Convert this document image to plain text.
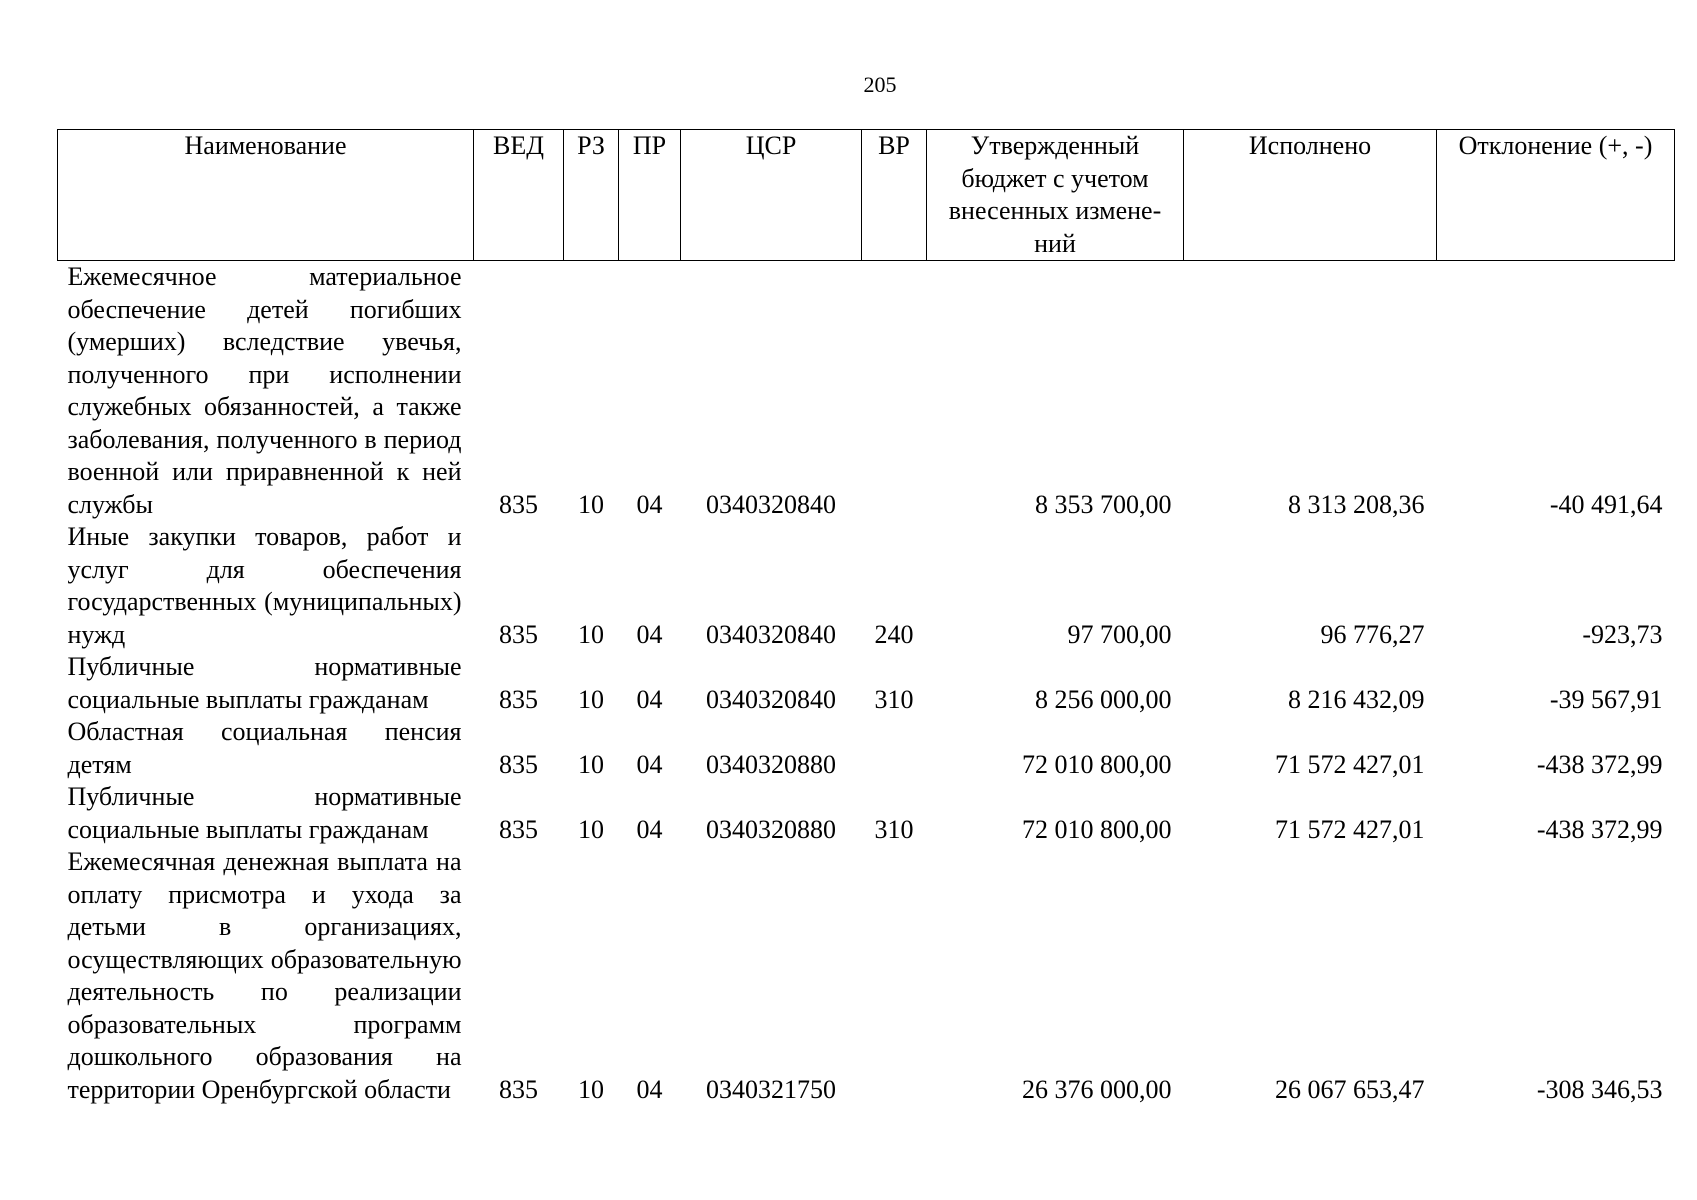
205
Наименование	ВЕД	РЗ	ПР	ЦСР	ВР	Утвержденный бюджет с учетом внесенных измене-ний	Исполнено	Отклонение (+, -)
Ежемесячное материальное обеспечение детей погибших (умерших) вследствие увечья, полученного при исполнении служебных обязанностей, а также заболевания, полученного в период военной или приравненной к ней службы	835	10	04	0340320840		8 353 700,00	8 313 208,36	-40 491,64
Иные закупки товаров, работ и услуг для обеспечения государственных (муниципальных) нужд	835	10	04	0340320840	240	97 700,00	96 776,27	-923,73
Публичные нормативные социальные выплаты гражданам	835	10	04	0340320840	310	8 256 000,00	8 216 432,09	-39 567,91
Областная социальная пенсия детям	835	10	04	0340320880		72 010 800,00	71 572 427,01	-438 372,99
Публичные нормативные социальные выплаты гражданам	835	10	04	0340320880	310	72 010 800,00	71 572 427,01	-438 372,99
Ежемесячная денежная выплата на оплату присмотра и ухода за детьми в организациях, осуществляющих образовательную деятельность по реализации образовательных программ дошкольного образования на территории Оренбургской области	835	10	04	0340321750		26 376 000,00	26 067 653,47	-308 346,53
